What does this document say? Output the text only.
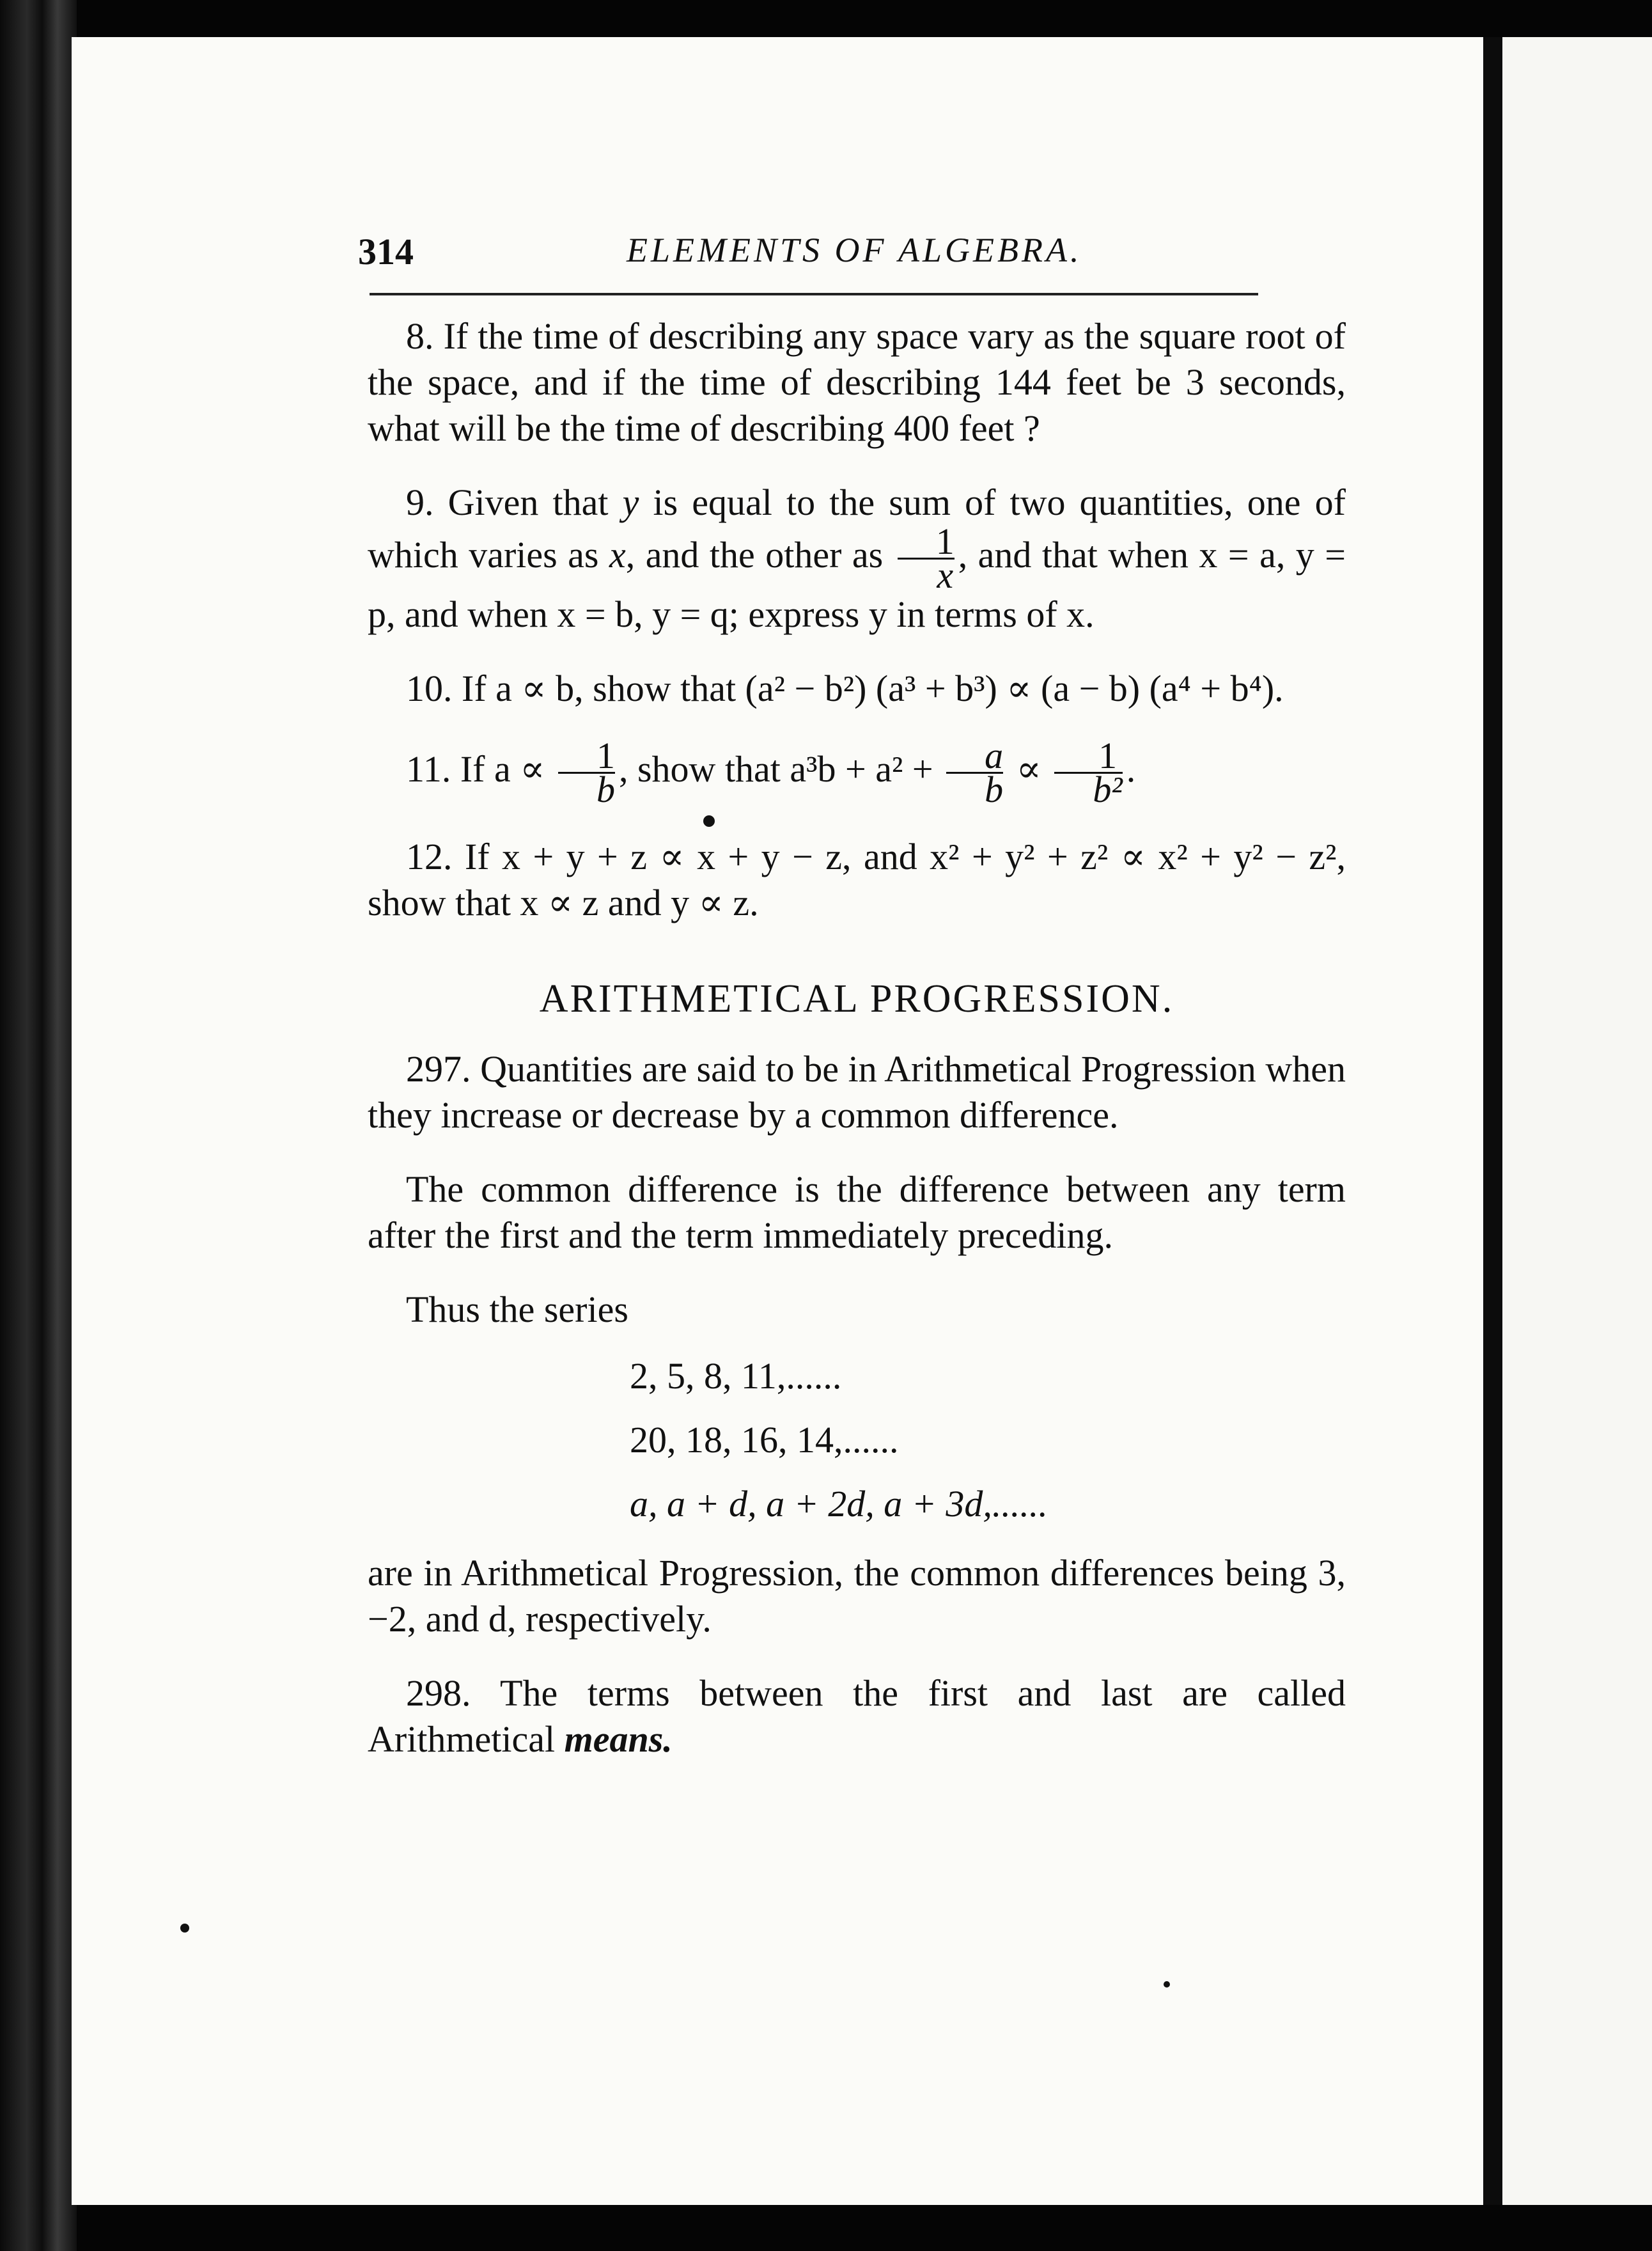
314	ELEMENTS OF ALGEBRA.

8. If the time of describing any space vary as the square root of the space, and if the time of describing 144 feet be 3 seconds, what will be the time of describing 400 feet ?

9. Given that y is equal to the sum of two quantities, one of which varies as x, and the other as $\frac{1}{x}$ , and that when x = a, y = p, and when x = b, y = q; express y in terms of x.

10. If a ∝ b, show that (a² − b²) (a³ + b³) ∝ (a − b) (a⁴ + b⁴).

11. If $a \propto \frac{1}{b}$ , show that $a^3b + a^2 + \frac{a}{b} \propto \frac{1}{\text{b²}}$ .

12. If x + y + z ∝ x + y − z, and x² + y² + z² ∝ x² + y² − z², show that x ∝ z and y ∝ z.

ARITHMETICAL PROGRESSION.

297. Quantities are said to be in Arithmetical Progression when they increase or decrease by a common difference.

The common difference is the difference between any term after the first and the term immediately preceding.

Thus the series
2, 5, 8, 11,......
20, 18, 16, 14,......
a, a + d, a + 2d, a + 3d,......

are in Arithmetical Progression, the common differences being 3, −2, and d, respectively.

298. The terms between the first and last are called Arithmetical means.
